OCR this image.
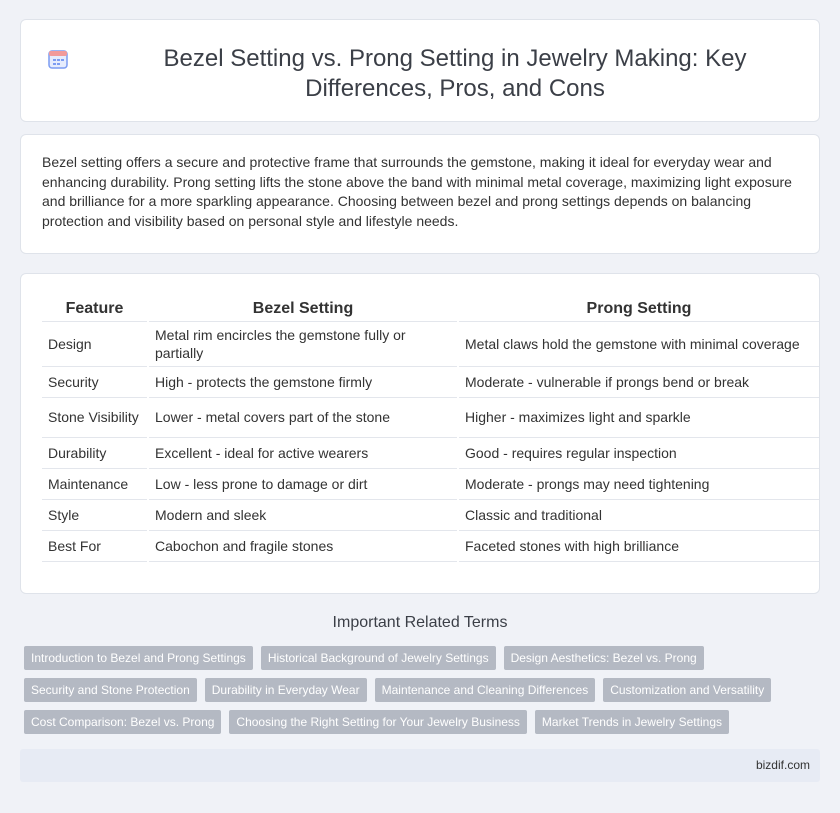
Bezel Setting vs. Prong Setting in Jewelry Making: Key Differences, Pros, and Cons

Bezel setting offers a secure and protective frame that surrounds the gemstone, making it ideal for everyday wear and enhancing durability. Prong setting lifts the stone above the band with minimal metal coverage, maximizing light exposure and brilliance for a more sparkling appearance. Choosing between bezel and prong settings depends on balancing protection and visibility based on personal style and lifestyle needs.

Feature	Bezel Setting	Prong Setting
Design	Metal rim encircles the gemstone fully or partially	Metal claws hold the gemstone with minimal coverage
Security	High - protects the gemstone firmly	Moderate - vulnerable if prongs bend or break
Stone Visibility	Lower - metal covers part of the stone	Higher - maximizes light and sparkle
Durability	Excellent - ideal for active wearers	Good - requires regular inspection
Maintenance	Low - less prone to damage or dirt	Moderate - prongs may need tightening
Style	Modern and sleek	Classic and traditional
Best For	Cabochon and fragile stones	Faceted stones with high brilliance
Important Related Terms
Introduction to Bezel and Prong Settings	Historical Background of Jewelry Settings	Design Aesthetics: Bezel vs. Prong
Security and Stone Protection	Durability in Everyday Wear	Maintenance and Cleaning Differences	Customization and Versatility
Cost Comparison: Bezel vs. Prong	Choosing the Right Setting for Your Jewelry Business	Market Trends in Jewelry Settings
bizdif.com
